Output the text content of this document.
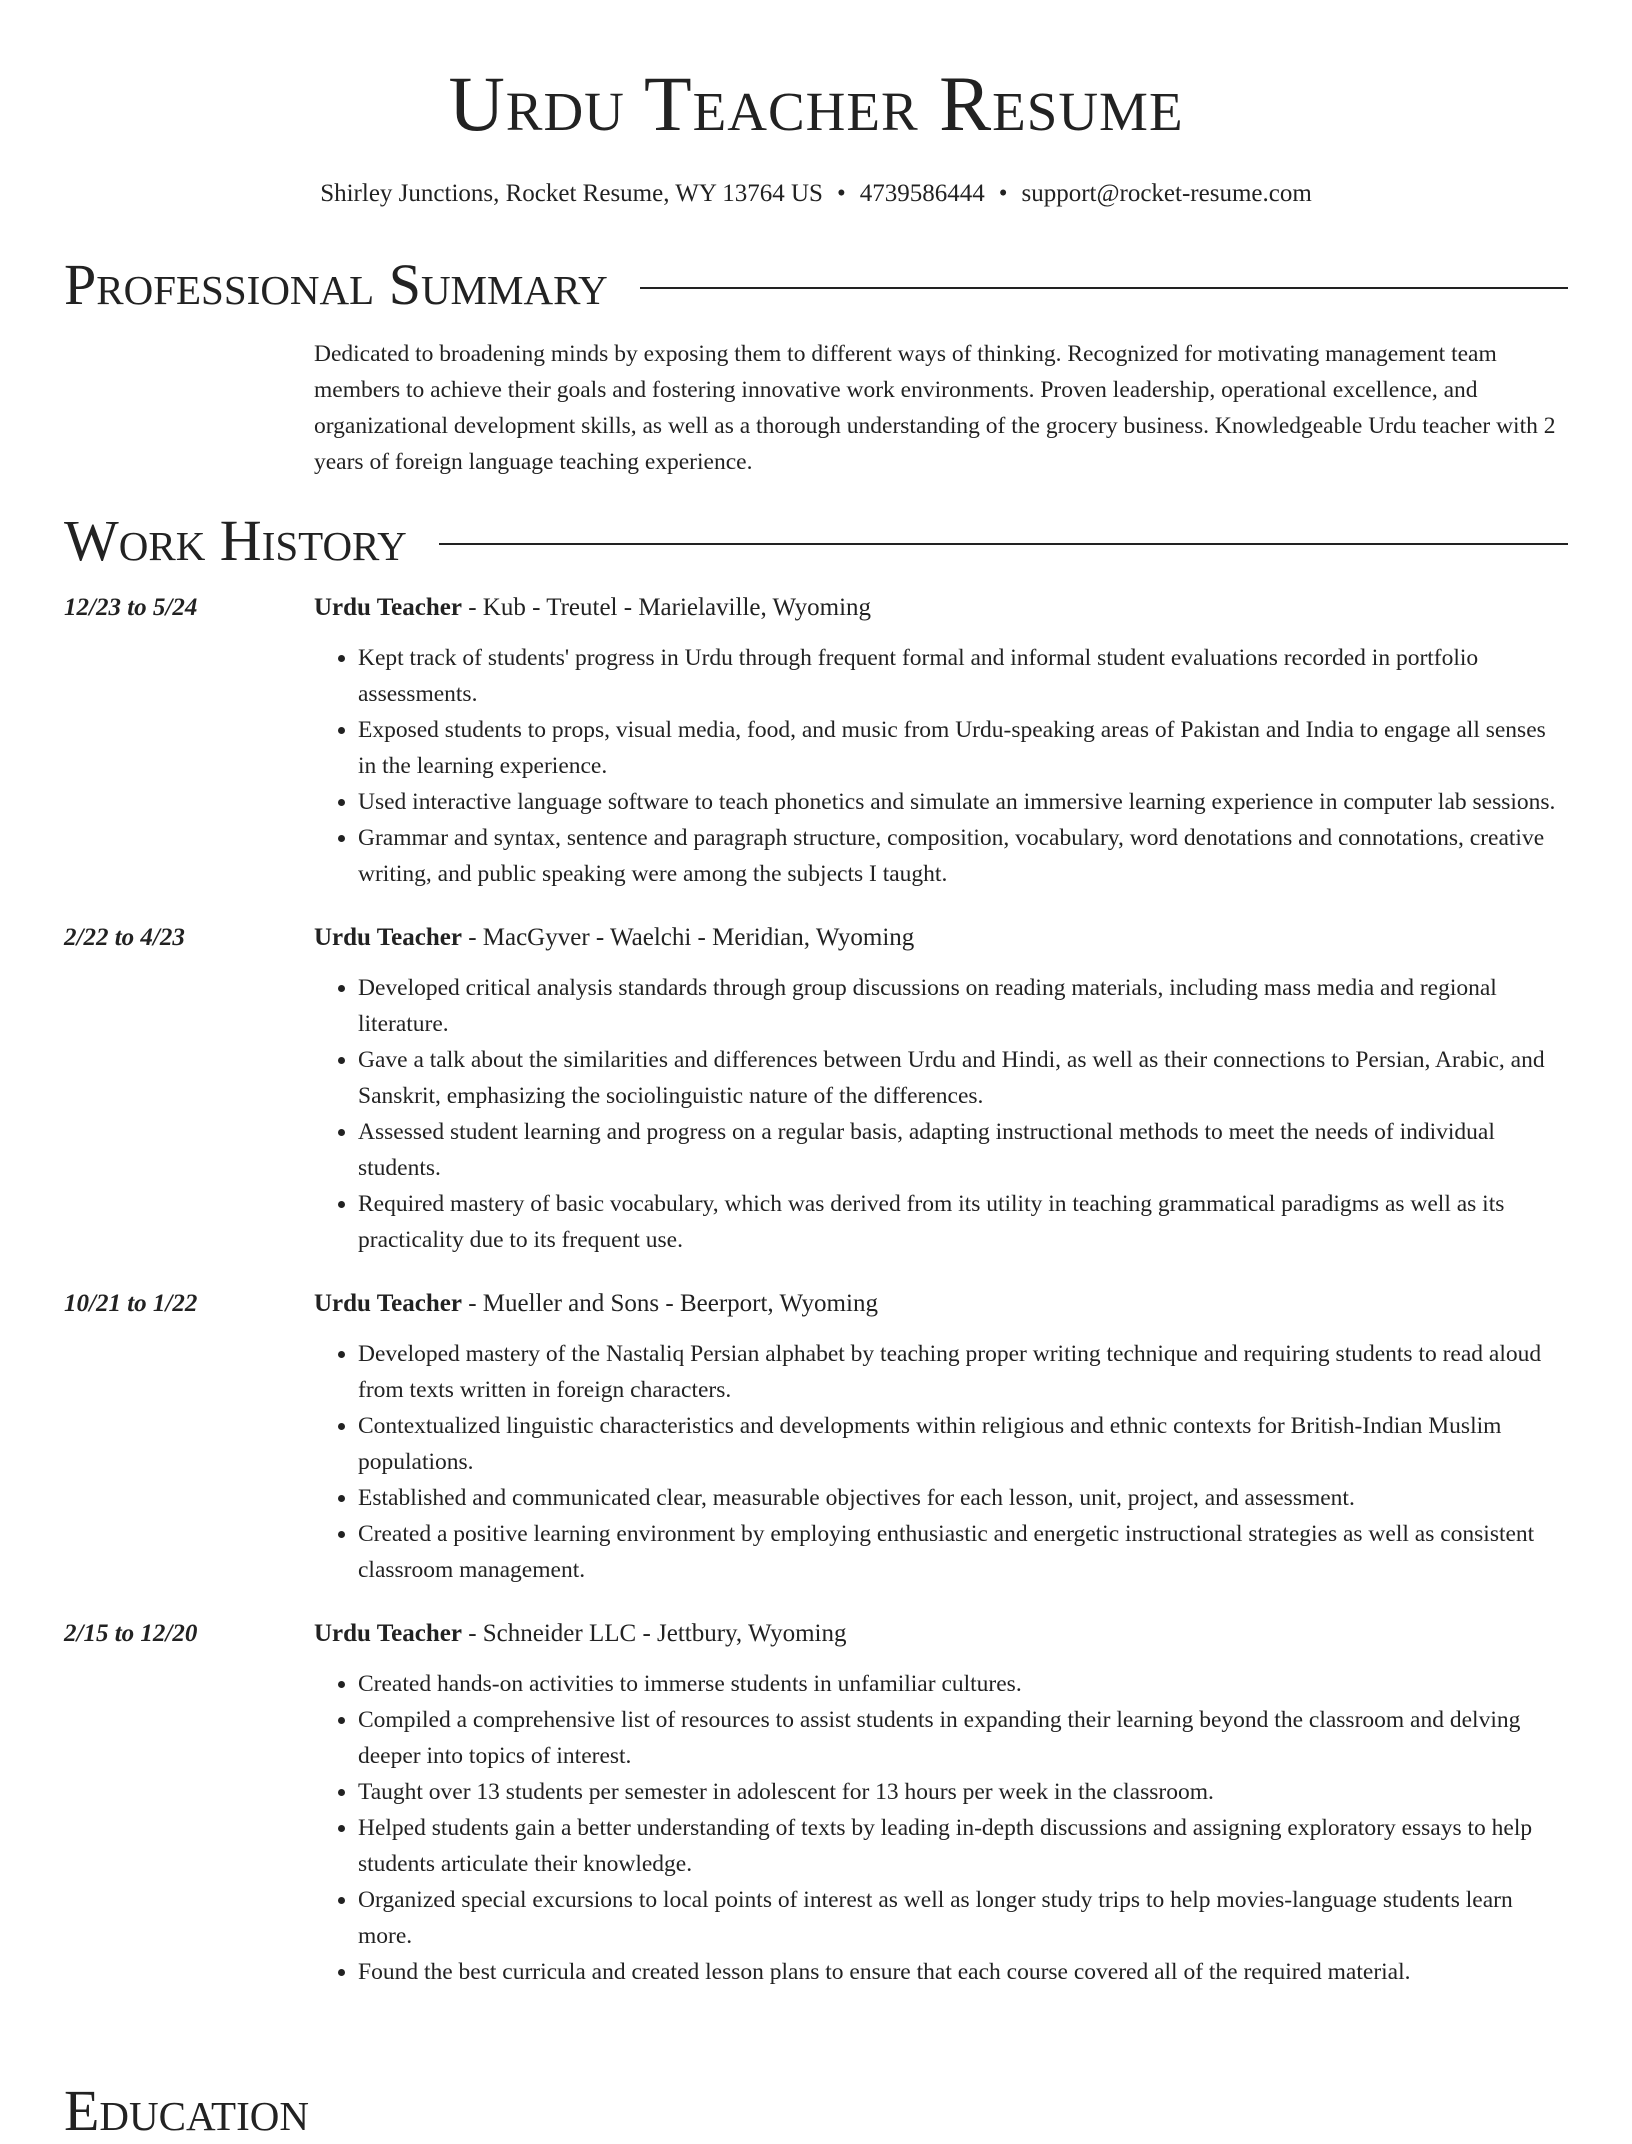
Urdu Teacher Resume
Shirley Junctions, Rocket Resume, WY 13764 US • 4739586444 • support@rocket-resume.com
Professional Summary

Dedicated to broadening minds by exposing them to different ways of thinking. Recognized for motivating management team members to achieve their goals and fostering innovative work environments. Proven leadership, operational excellence, and organizational development skills, as well as a thorough understanding of the grocery business. Knowledgeable Urdu teacher with 2 years of foreign language teaching experience.

Work History
12/23 to 5/24	Urdu Teacher - Kub - Treutel - Marielaville, Wyoming
• Kept track of students' progress in Urdu through frequent formal and informal student evaluations recorded in portfolio assessments.
• Exposed students to props, visual media, food, and music from Urdu-speaking areas of Pakistan and India to engage all senses in the learning experience.
• Used interactive language software to teach phonetics and simulate an immersive learning experience in computer lab sessions.
• Grammar and syntax, sentence and paragraph structure, composition, vocabulary, word denotations and connotations, creative writing, and public speaking were among the subjects I taught.
2/22 to 4/23	Urdu Teacher - MacGyver - Waelchi - Meridian, Wyoming
• Developed critical analysis standards through group discussions on reading materials, including mass media and regional literature.
• Gave a talk about the similarities and differences between Urdu and Hindi, as well as their connections to Persian, Arabic, and Sanskrit, emphasizing the sociolinguistic nature of the differences.
• Assessed student learning and progress on a regular basis, adapting instructional methods to meet the needs of individual students.
• Required mastery of basic vocabulary, which was derived from its utility in teaching grammatical paradigms as well as its practicality due to its frequent use.
10/21 to 1/22	Urdu Teacher - Mueller and Sons - Beerport, Wyoming
• Developed mastery of the Nastaliq Persian alphabet by teaching proper writing technique and requiring students to read aloud from texts written in foreign characters.
• Contextualized linguistic characteristics and developments within religious and ethnic contexts for British-Indian Muslim populations.
• Established and communicated clear, measurable objectives for each lesson, unit, project, and assessment.
• Created a positive learning environment by employing enthusiastic and energetic instructional strategies as well as consistent classroom management.
2/15 to 12/20	Urdu Teacher - Schneider LLC - Jettbury, Wyoming
• Created hands-on activities to immerse students in unfamiliar cultures.
• Compiled a comprehensive list of resources to assist students in expanding their learning beyond the classroom and delving deeper into topics of interest.
• Taught over 13 students per semester in adolescent for 13 hours per week in the classroom.
• Helped students gain a better understanding of texts by leading in-depth discussions and assigning exploratory essays to help students articulate their knowledge.
• Organized special excursions to local points of interest as well as longer study trips to help movies-language students learn more.
• Found the best curricula and created lesson plans to ensure that each course covered all of the required material.
Education
